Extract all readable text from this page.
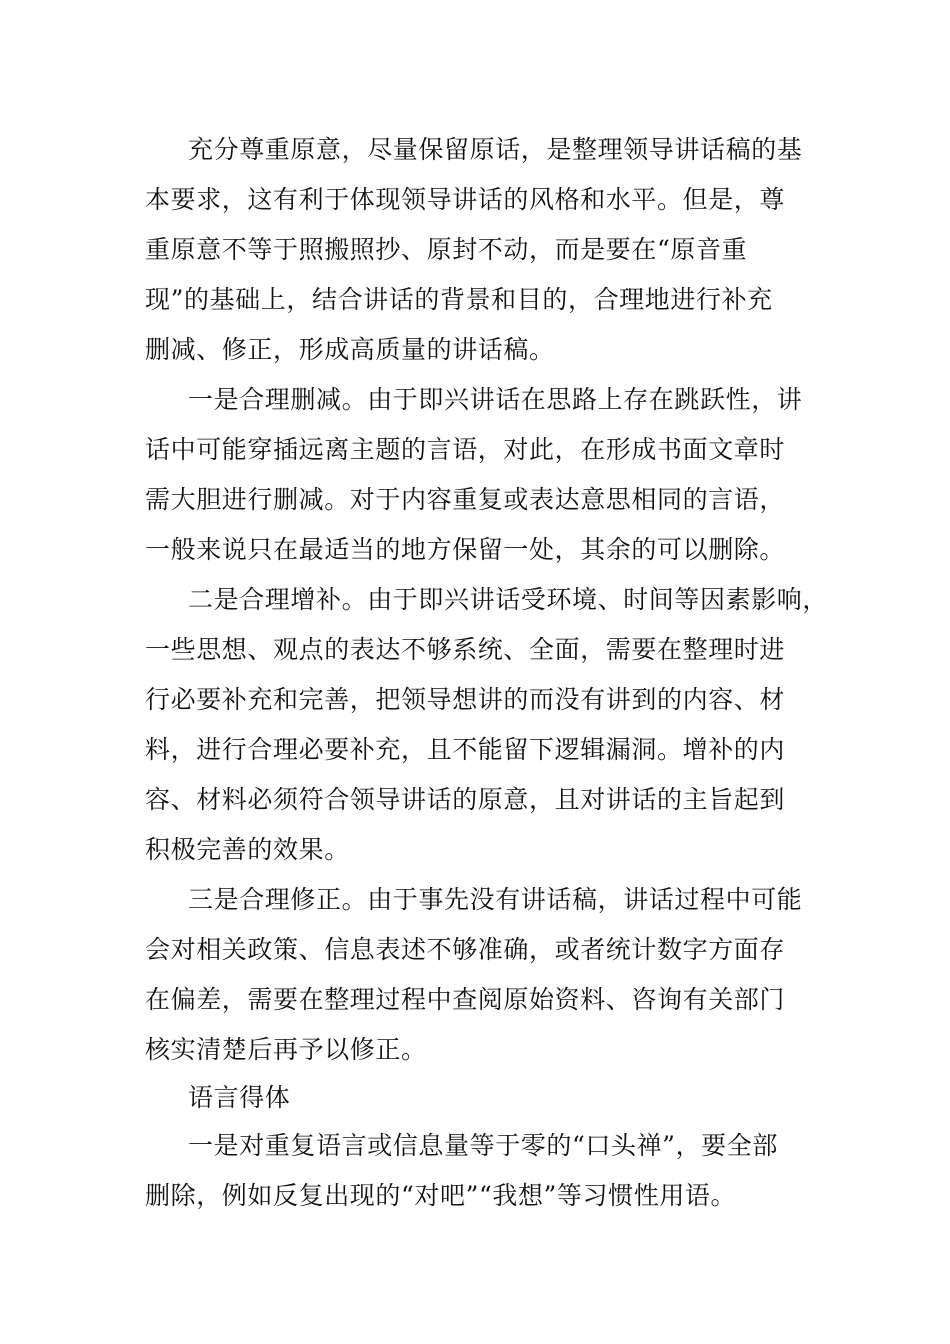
充分尊重原意，尽量保留原话，是整理领导讲话稿的基
本要求，这有利于体现领导讲话的风格和水平。但是，尊
重原意不等于照搬照抄、原封不动，而是要在“原音重
现”的基础上，结合讲话的背景和目的，合理地进行补充
删减、修正，形成高质量的讲话稿。
一是合理删减。由于即兴讲话在思路上存在跳跃性，讲
话中可能穿插远离主题的言语，对此，在形成书面文章时
需大胆进行删减。对于内容重复或表达意思相同的言语，
一般来说只在最适当的地方保留一处，其余的可以删除。
二是合理增补。由于即兴讲话受环境、时间等因素影响，
一些思想、观点的表达不够系统、全面，需要在整理时进
行必要补充和完善，把领导想讲的而没有讲到的内容、材
料，进行合理必要补充，且不能留下逻辑漏洞。增补的内
容、材料必须符合领导讲话的原意，且对讲话的主旨起到
积极完善的效果。
三是合理修正。由于事先没有讲话稿，讲话过程中可能
会对相关政策、信息表述不够准确，或者统计数字方面存
在偏差，需要在整理过程中查阅原始资料、咨询有关部门
核实清楚后再予以修正。
语言得体
一是对重复语言或信息量等于零的“口头禅”，要全部
删除，例如反复出现的“对吧”“我想”等习惯性用语。
